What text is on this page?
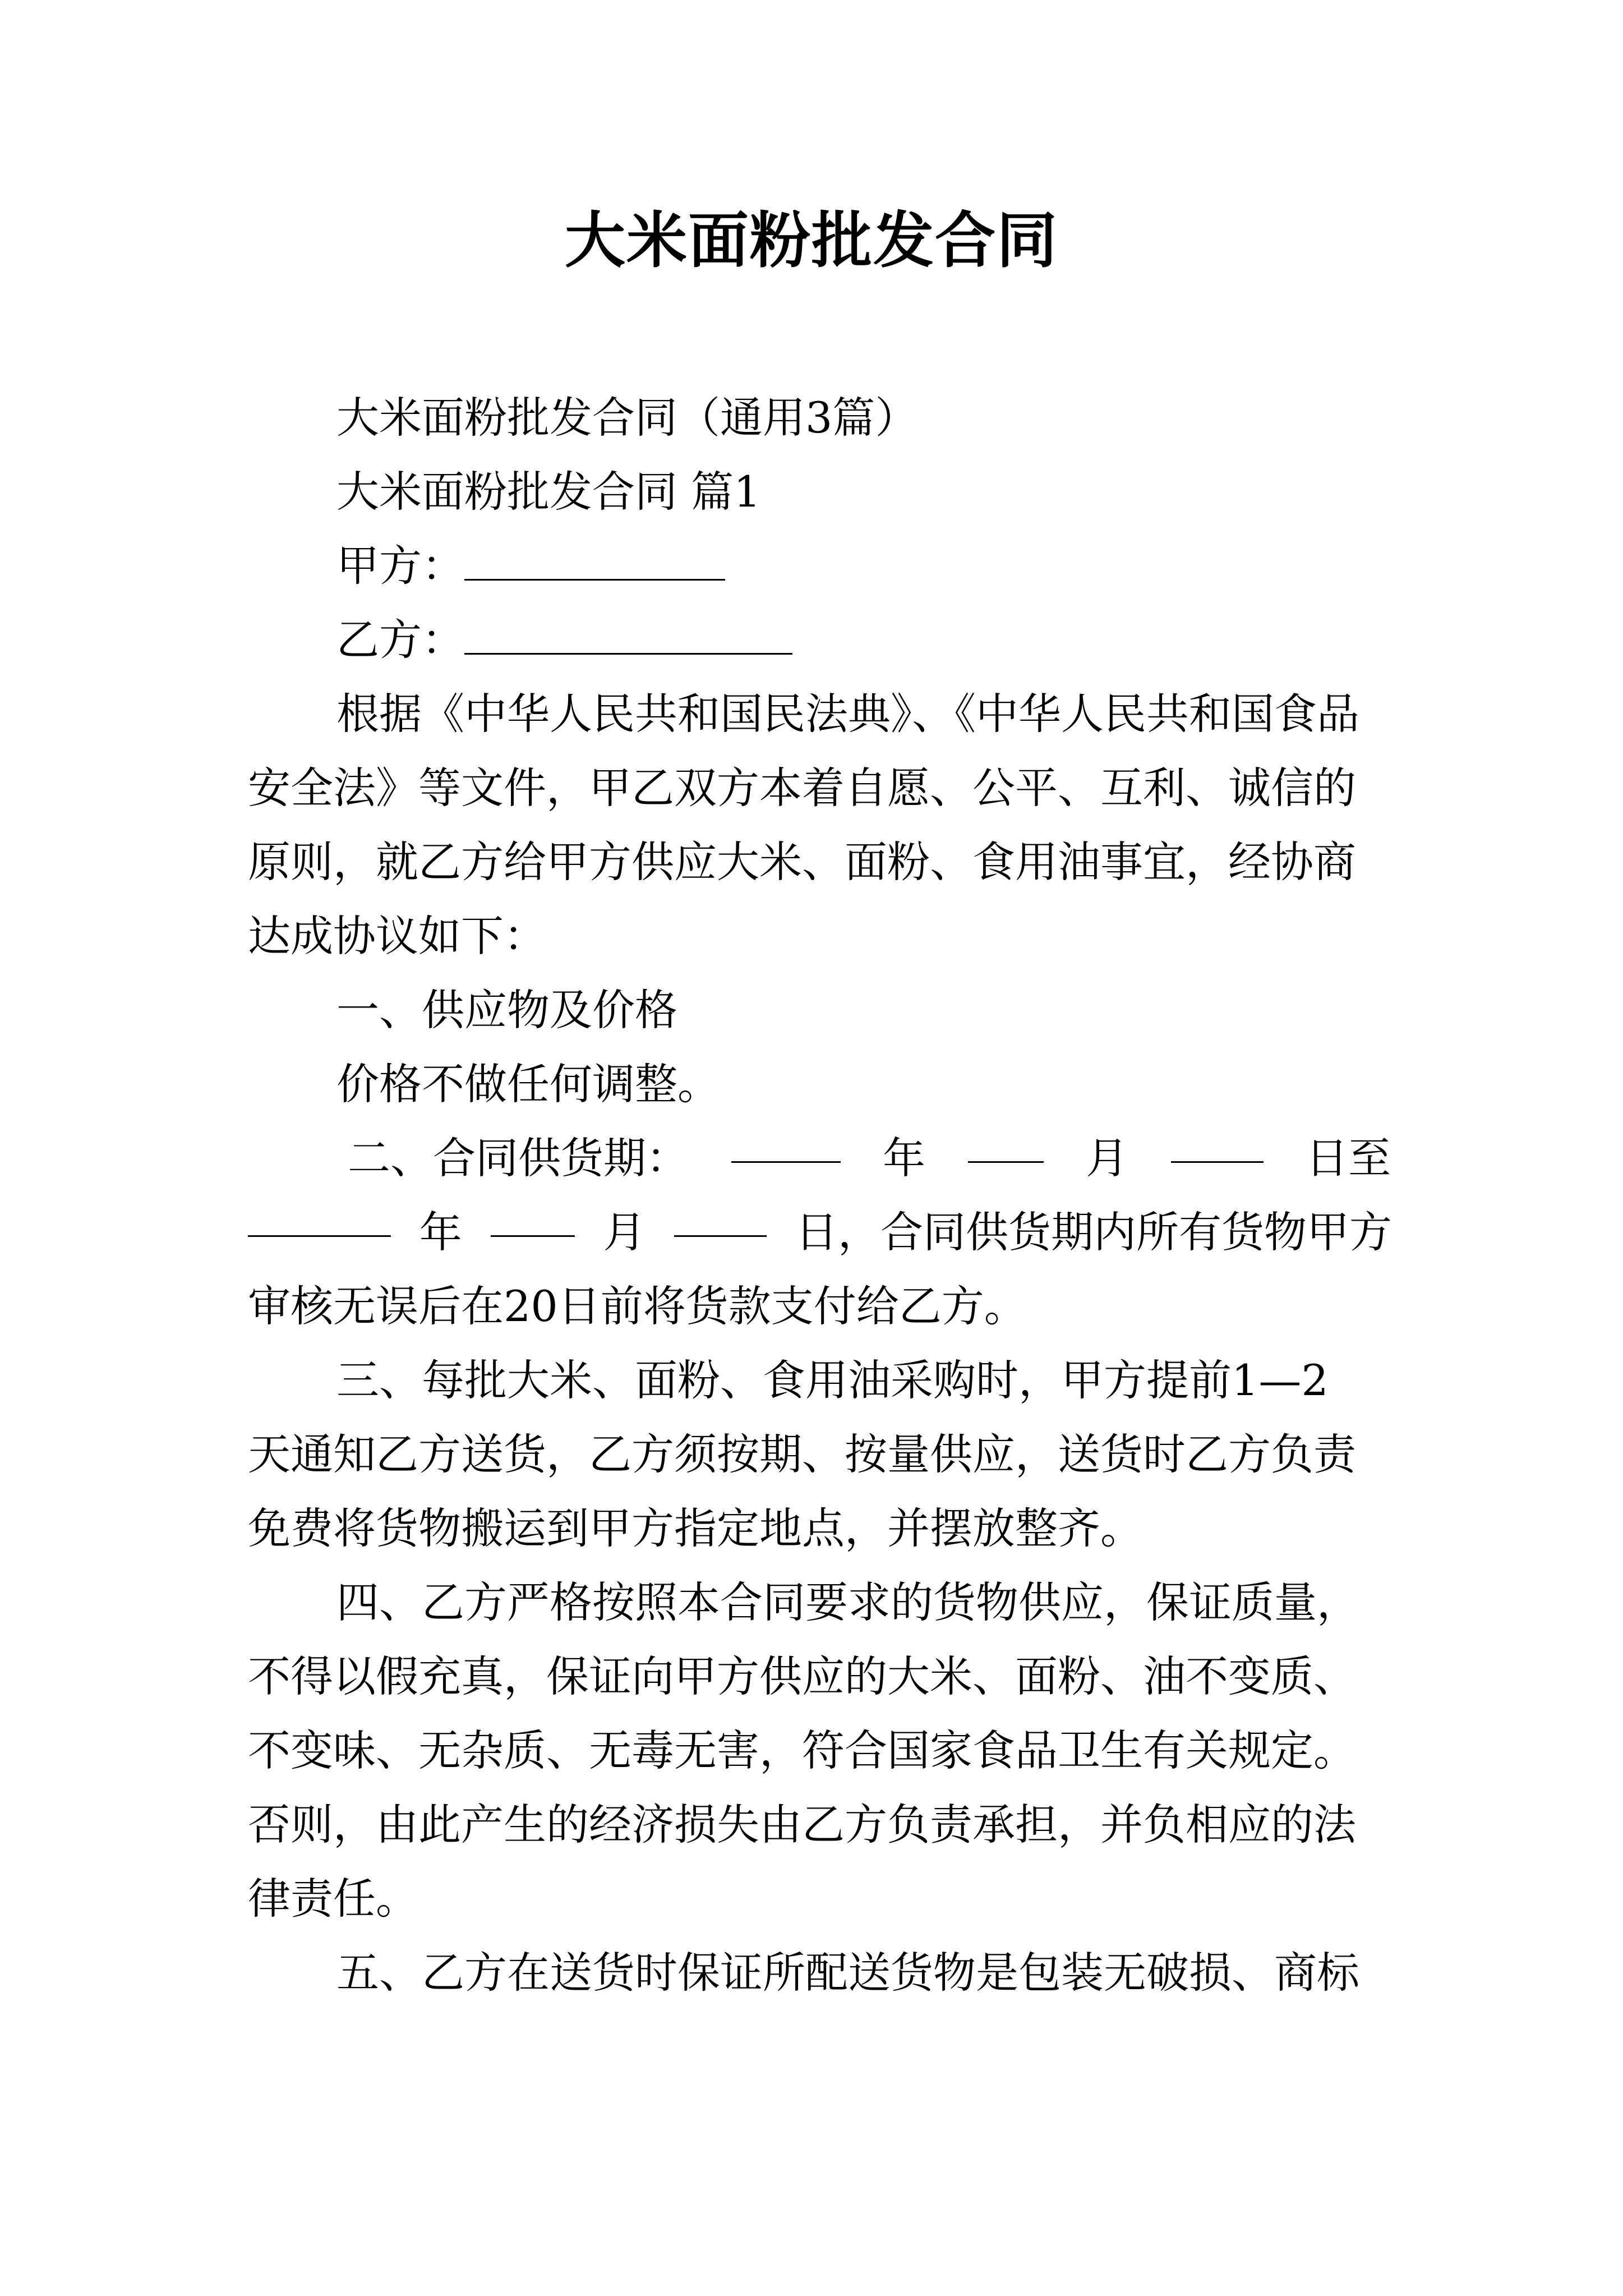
大米面粉批发合同
大米面粉批发合同（通用3篇）
大米面粉批发合同 篇1
甲方：
乙方：
根据《中华人民共和国民法典》、《中华人民共和国食品
安全法》等文件，甲乙双方本着自愿、公平、互利、诚信的
原则，就乙方给甲方供应大米、面粉、食用油事宜，经协商
达成协议如下：
一、供应物及价格
价格不做任何调整。
二、合同供货期：	年	月	日至
年	月	日，合同供货期内所有货物甲方
审核无误后在20日前将货款支付给乙方。
三、每批大米、面粉、食用油采购时，甲方提前1—2
天通知乙方送货，乙方须按期、按量供应，送货时乙方负责
免费将货物搬运到甲方指定地点，并摆放整齐。
四、乙方严格按照本合同要求的货物供应，保证质量，
不得以假充真，保证向甲方供应的大米、面粉、油不变质、
不变味、无杂质、无毒无害，符合国家食品卫生有关规定。
否则，由此产生的经济损失由乙方负责承担，并负相应的法
律责任。
五、乙方在送货时保证所配送货物是包装无破损、商标
